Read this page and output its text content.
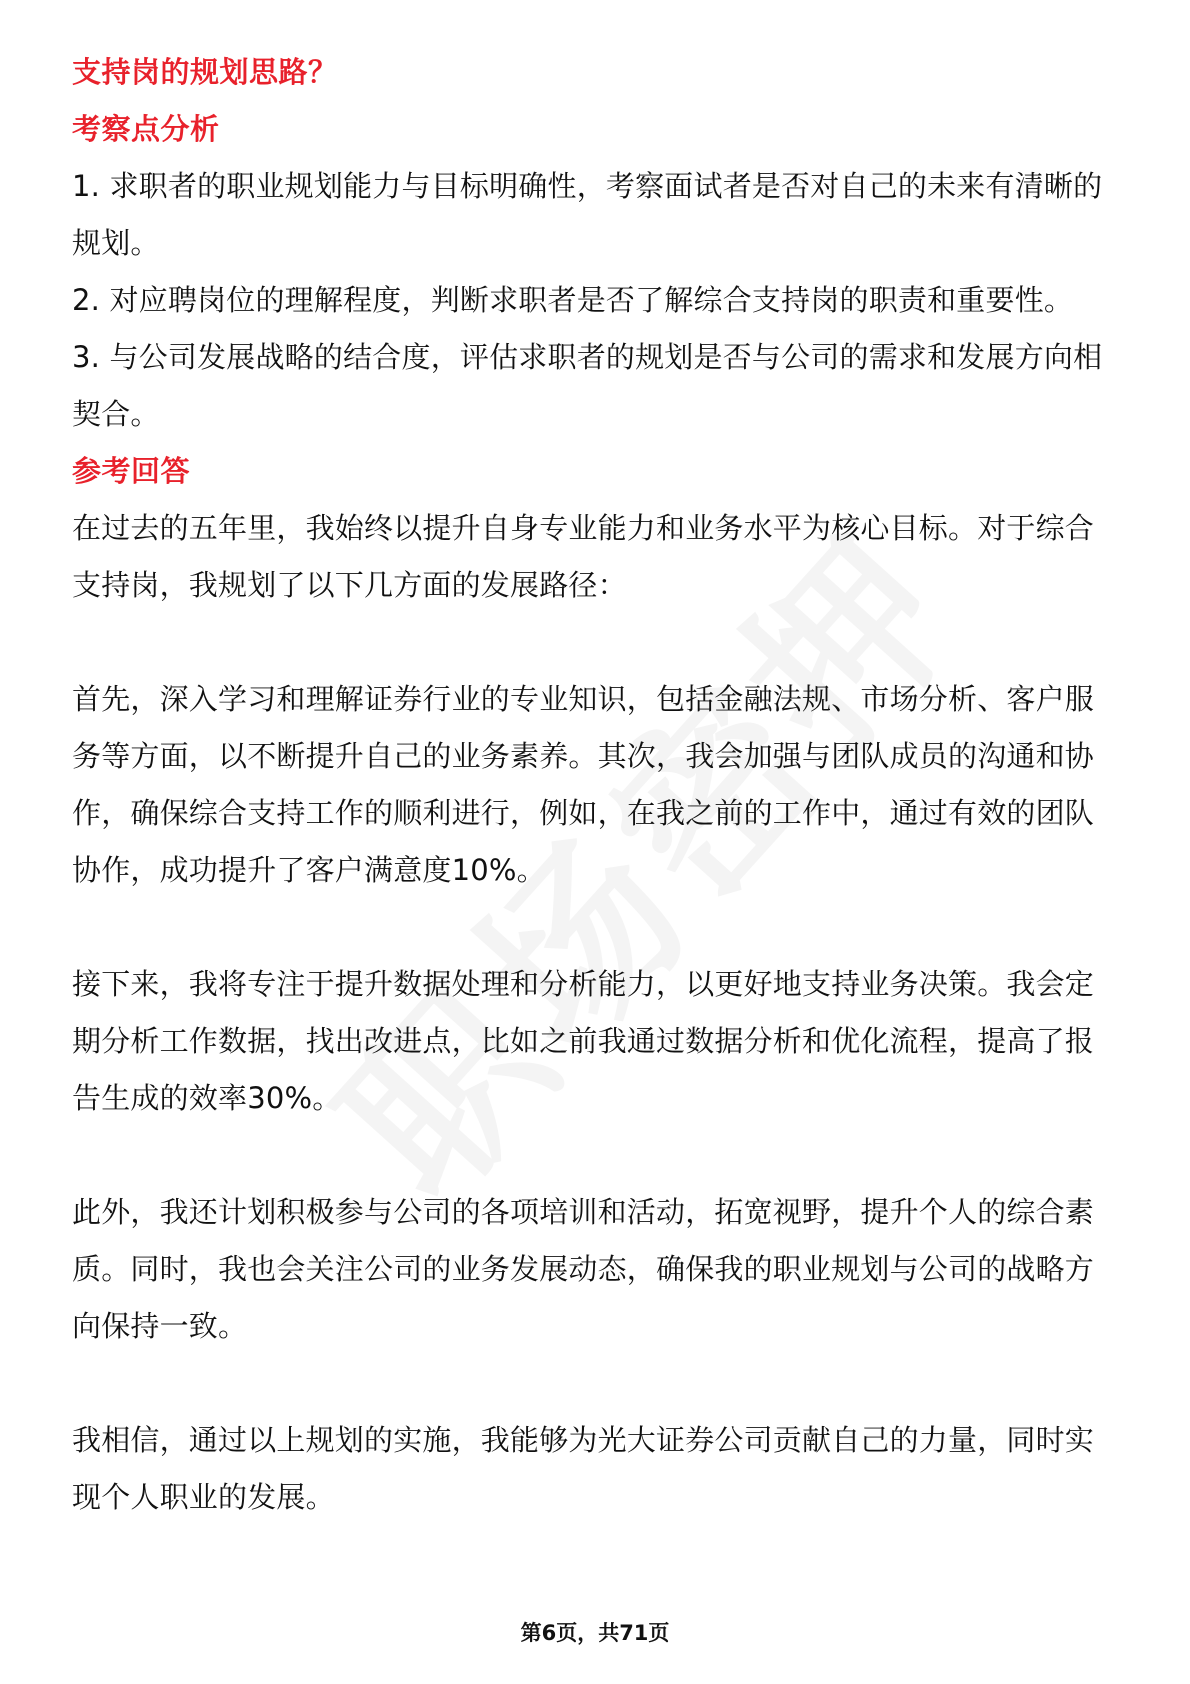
支持岗的规划思路？

考察点分析

1. 求职者的职业规划能力与目标明确性，考察面试者是否对自己的未来有清晰的规划。

2. 对应聘岗位的理解程度，判断求职者是否了解综合支持岗的职责和重要性。

3. 与公司发展战略的结合度，评估求职者的规划是否与公司的需求和发展方向相契合。

参考回答

在过去的五年里，我始终以提升自身专业能力和业务水平为核心目标。对于综合支持岗，我规划了以下几方面的发展路径：

首先，深入学习和理解证券行业的专业知识，包括金融法规、市场分析、客户服务等方面，以不断提升自己的业务素养。其次，我会加强与团队成员的沟通和协作，确保综合支持工作的顺利进行，例如，在我之前的工作中，通过有效的团队协作，成功提升了客户满意度10%。

接下来，我将专注于提升数据处理和分析能力，以更好地支持业务决策。我会定期分析工作数据，找出改进点，比如之前我通过数据分析和优化流程，提高了报告生成的效率30%。

此外，我还计划积极参与公司的各项培训和活动，拓宽视野，提升个人的综合素质。同时，我也会关注公司的业务发展动态，确保我的职业规划与公司的战略方向保持一致。

我相信，通过以上规划的实施，我能够为光大证券公司贡献自己的力量，同时实现个人职业的发展。

第6页，共71页
